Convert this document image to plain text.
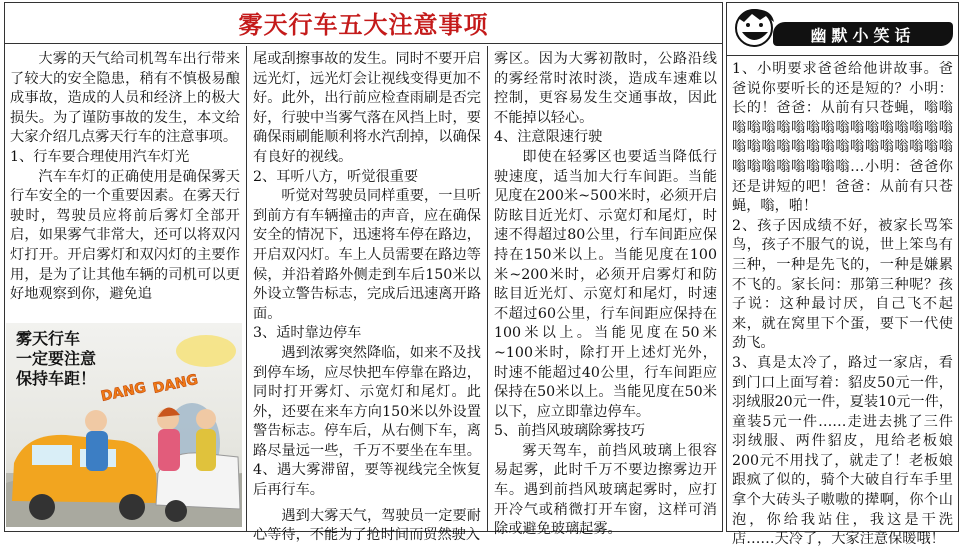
雾天行车五大注意事项

大雾的天气给司机驾车出行带来了较大的安全隐患，稍有不慎极易酿成事故，造成的人员和经济上的极大损失。为了谨防事故的发生，本文给大家介绍几点雾天行车的注意事项。

1、行车要合理使用汽车灯光

汽车车灯的正确使用是确保雾天行车安全的一个重要因素。在雾天行驶时，驾驶员应将前后雾灯全部开启，如果雾气非常大，还可以将双闪灯打开。开启雾灯和双闪灯的主要作用，是为了让其他车辆的司机可以更好地观察到你，避免追

雾天行车
一定要注意
保持车距！
DANG DANG

尾或刮擦事故的发生。同时不要开启远光灯，远光灯会让视线变得更加不好。此外，出行前应检查雨刷是否完好，行驶中当雾气落在风挡上时，要确保雨刷能顺利将水汽刮掉，以确保有良好的视线。

2、耳听八方，听觉很重要

听觉对驾驶员同样重要，一旦听到前方有车辆撞击的声音，应在确保安全的情况下，迅速将车停在路边，开启双闪灯。车上人员需要在路边等候，并沿着路外侧走到车后150米以外设立警告标志，完成后迅速离开路面。

3、适时靠边停车

遇到浓雾突然降临，如来不及找到停车场，应尽快把车停靠在路边，同时打开雾灯、示宽灯和尾灯。此外，还要在来车方向150米以外设置警告标志。停车后，从右侧下车，离路尽量远一些，千万不要坐在车里。4、遇大雾滞留，要等视线完全恢复后再行车。

遇到大雾天气，驾驶员一定要耐心等待，不能为了抢时间而贸然驶入

雾区。因为大雾初散时，公路沿线的雾经常时浓时淡，造成车速难以控制，更容易发生交通事故，因此不能掉以轻心。

4、注意限速行驶

即使在轻雾区也要适当降低行驶速度，适当加大行车间距。当能见度在200米~500米时，必须开启防眩目近光灯、示宽灯和尾灯，时速不得超过80公里，行车间距应保持在150米以上。当能见度在100米~200米时，必须开启雾灯和防眩目近光灯、示宽灯和尾灯，时速不超过60公里，行车间距应保持在100米以上。当能见度在50米~100米时，除打开上述灯光外，时速不能超过40公里，行车间距应保持在50米以上。当能见度在50米以下，应立即靠边停车。

5、前挡风玻璃除雾技巧

雾天驾车，前挡风玻璃上很容易起雾，此时千万不要边擦雾边开车。遇到前挡风玻璃起雾时，应打开冷气或稍微打开车窗，这样可消除或避免玻璃起雾。

幽默小笑话

1、小明要求爸爸给他讲故事。爸爸说你要听长的还是短的？小明：长的！爸爸：从前有只苍蝇，嗡嗡嗡嗡嗡嗡嗡嗡嗡嗡嗡嗡嗡嗡嗡嗡嗡嗡嗡嗡嗡嗡嗡嗡嗡嗡嗡嗡嗡嗡嗡嗡嗡嗡嗡嗡嗡嗡嗡嗡…小明：爸爸你还是讲短的吧！爸爸：从前有只苍蝇，嗡，啪！

2、孩子因成绩不好，被家长骂笨鸟，孩子不服气的说，世上笨鸟有三种，一种是先飞的，一种是嫌累不飞的。家长问：那第三种呢？孩子说：这种最讨厌，自己飞不起来，就在窝里下个蛋，要下一代使劲飞。

3、真是太冷了，路过一家店，看到门口上面写着：貂皮50元一件，羽绒服20元一件，夏装10元一件，童装5元一件……走进去挑了三件羽绒服、两件貂皮，甩给老板娘200元不用找了，就走了！老板娘跟疯了似的，骑个大破自行车手里拿个大砖头子嗷嗷的撵啊，你个山泡，你给我站住，我这是干洗店……天冷了，大家注意保暖哦！
